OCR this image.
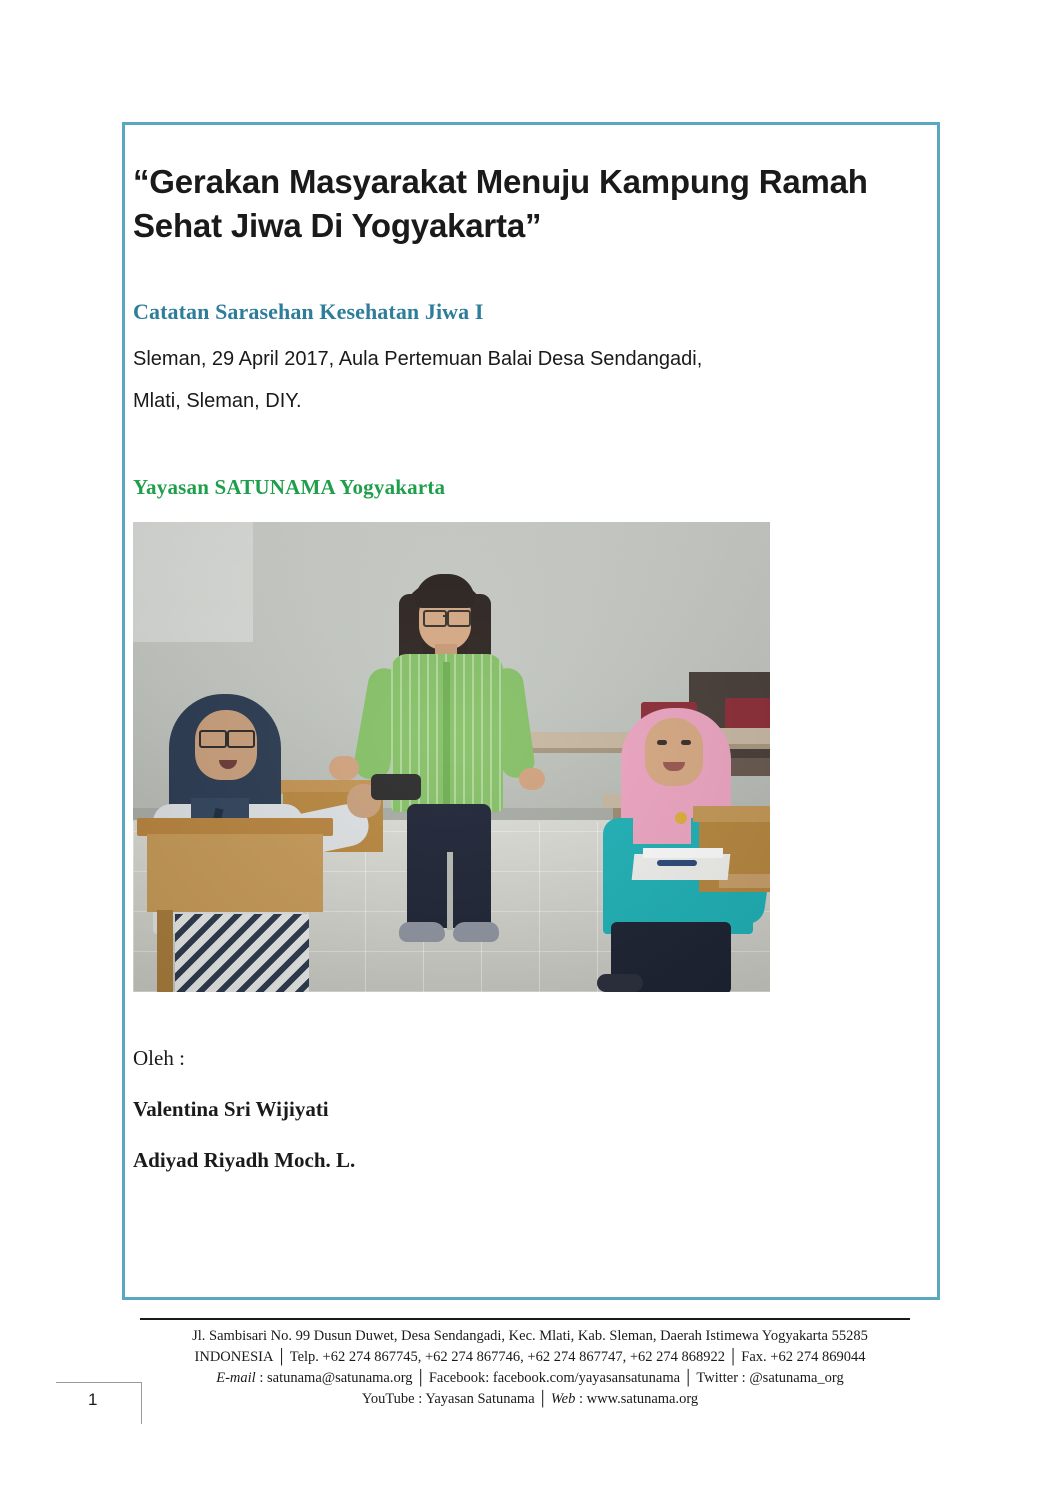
“Gerakan Masyarakat Menuju Kampung Ramah Sehat Jiwa Di Yogyakarta”

Catatan Sarasehan Kesehatan Jiwa I

Sleman, 29 April 2017, Aula Pertemuan Balai Desa Sendangadi,

Mlati, Sleman, DIY.

Yayasan SATUNAMA Yogyakarta

Oleh :

Valentina Sri Wijiyati

Adiyad Riyadh Moch. L.

Jl. Sambisari No. 99 Dusun Duwet, Desa Sendangadi, Kec. Mlati, Kab. Sleman, Daerah Istimewa Yogyakarta 55285
INDONESIA │ Telp. +62 274 867745, +62 274 867746, +62 274 867747, +62 274 868922 │ Fax. +62 274 869044
E-mail : satunama@satunama.org │ Facebook: facebook.com/yayasansatunama │ Twitter : @satunama_org
YouTube : Yayasan Satunama │ Web : www.satunama.org
1
